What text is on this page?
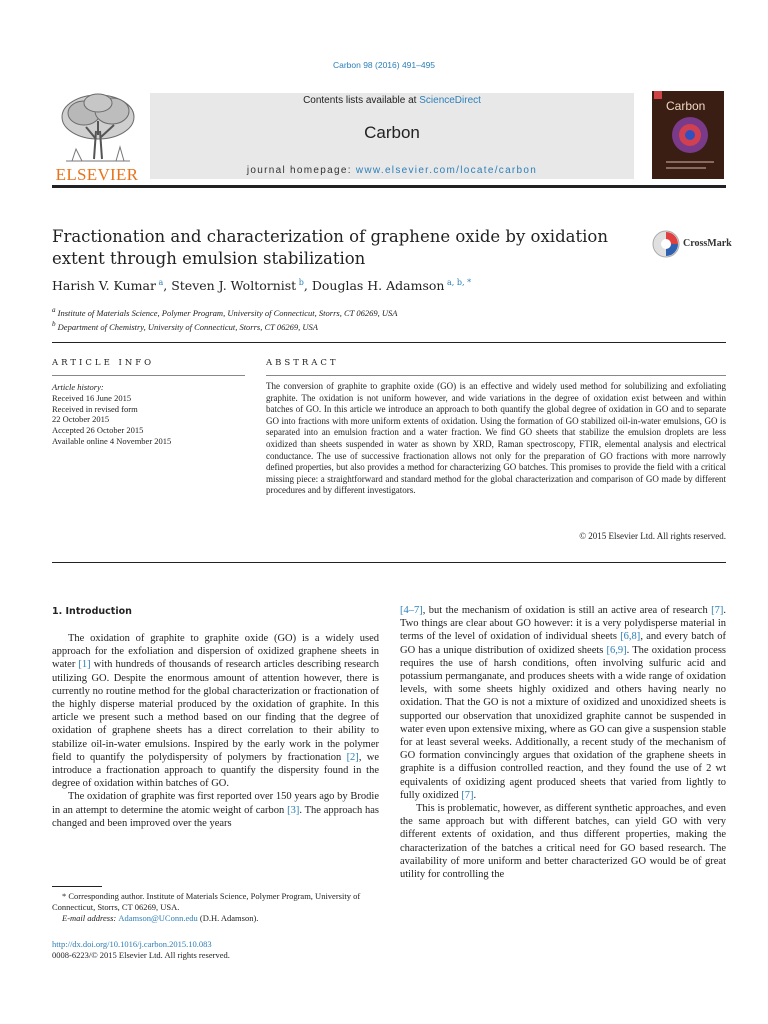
Carbon 98 (2016) 491–495
ELSEVIER
Contents lists available at ScienceDirect
Carbon
journal homepage: www.elsevier.com/locate/carbon
Carbon
Fractionation and characterization of graphene oxide by oxidation extent through emulsion stabilization
CrossMark
Harish V. Kumar $^a$, Steven J. Woltornist $^b$, Douglas H. Adamson $^{a, b, *}$
$^a$ Institute of Materials Science, Polymer Program, University of Connecticut, Storrs, CT 06269, USA
$^b$ Department of Chemistry, University of Connecticut, Storrs, CT 06269, USA
ARTICLE INFO
Article history:
Received 16 June 2015
Received in revised form
22 October 2015
Accepted 26 October 2015
Available online 4 November 2015
ABSTRACT

The conversion of graphite to graphite oxide (GO) is an effective and widely used method for solubilizing and exfoliating graphite. The oxidation is not uniform however, and wide variations in the degree of oxidation exist between and within batches of GO. In this article we introduce an approach to both quantify the global degree of oxidation in GO and to separate GO into fractions with more uniform extents of oxidation. Using the formation of GO stabilized oil-in-water emulsions, GO is separated into an emulsion fraction and a water fraction. We find GO sheets that stabilize the emulsion droplets are less oxidized than sheets suspended in water as shown by XRD, Raman spectroscopy, FTIR, elemental analysis and electrical conductance. The use of successive fractionation allows not only for the preparation of GO fractions with more narrowly defined properties, but also provides a method for characterizing GO batches. This promises to provide the field with a critical missing piece: a straightforward and standard method for the global characterization and comparison of GO made by different procedures and by different investigators.

© 2015 Elsevier Ltd. All rights reserved.
1. Introduction

The oxidation of graphite to graphite oxide (GO) is a widely used approach for the exfoliation and dispersion of oxidized graphene sheets in water [1] with hundreds of thousands of research articles describing research utilizing GO. Despite the enormous amount of attention however, there is currently no routine method for the global characterization or fractionation of the highly disperse material produced by the oxidation of graphite. In this article we present such a method based on our finding that the degree of oxidation of graphene sheets has a direct correlation to their ability to stabilize oil-in-water emulsions. Inspired by the early work in the polymer field to quantify the polydispersity of polymers by fractionation [2], we introduce a fractionation approach to quantify the dispersity found in the degree of oxidation within batches of GO.

The oxidation of graphite was first reported over 150 years ago by Brodie in an attempt to determine the atomic weight of carbon [3]. The approach has changed and been improved over the years

[4–7], but the mechanism of oxidation is still an active area of research [7]. Two things are clear about GO however: it is a very polydisperse material in terms of the level of oxidation of individual sheets [6,8], and every batch of GO has a unique distribution of oxidized sheets [6,9]. The oxidation process requires the use of harsh conditions, often involving sulfuric acid and potassium permanganate, and produces sheets with a wide range of oxidation levels, with some sheets highly oxidized and others having nearly no oxidation. That the GO is not a mixture of oxidized and unoxidized sheets is supported our observation that unoxidized graphite cannot be suspended in water even upon extensive mixing, where as GO can give a suspension stable for at least several weeks. Additionally, a recent study of the mechanism of GO formation convincingly argues that oxidation of the graphene sheets in graphite is a diffusion controlled reaction, and they found the use of 2 wt equivalents of oxidizing agent produced sheets that varied from lightly to fully oxidized [7].

This is problematic, however, as different synthetic approaches, and even the same approach but with different batches, can yield GO with very different extents of oxidation, and thus different properties, making the characterization of the batches a critical need for GO based research. The availability of more uniform and better characterized GO would be of great utility for controlling the

* Corresponding author. Institute of Materials Science, Polymer Program, University of Connecticut, Storrs, CT 06269, USA.

E-mail address: Adamson@UConn.edu (D.H. Adamson).

http://dx.doi.org/10.1016/j.carbon.2015.10.083
0008-6223/© 2015 Elsevier Ltd. All rights reserved.
